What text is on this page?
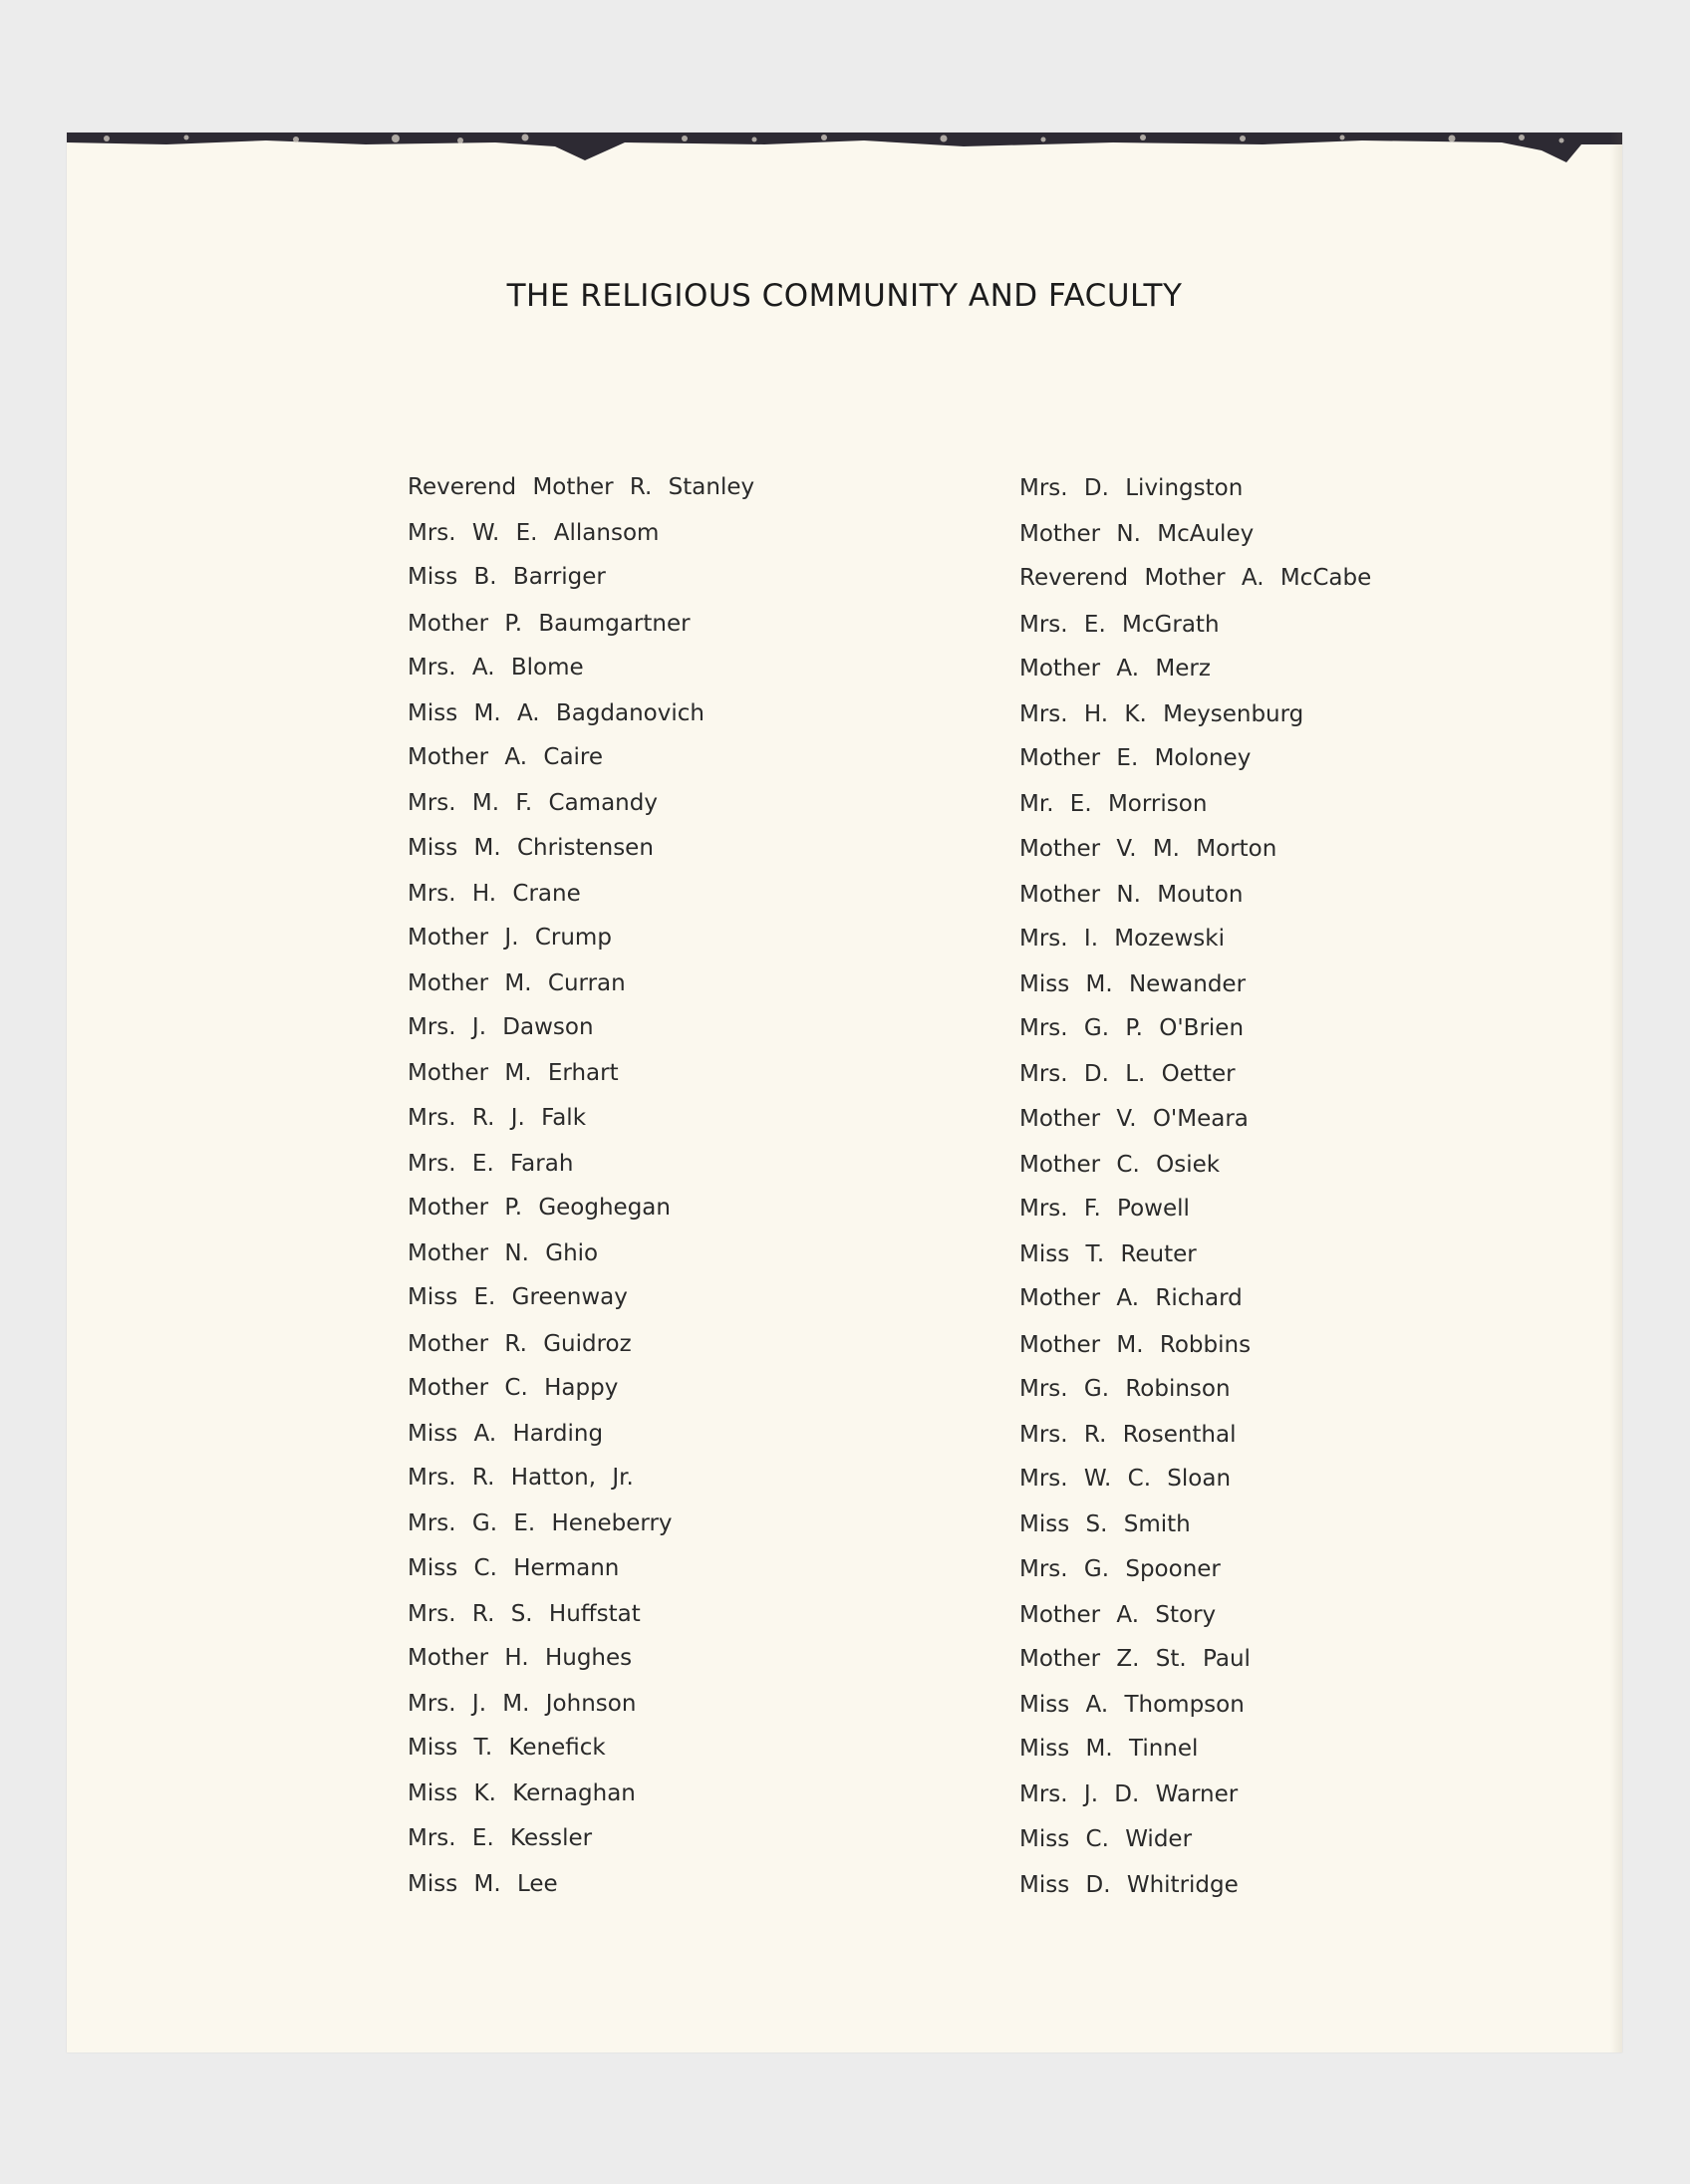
THE RELIGIOUS COMMUNITY AND FACULTY
Reverend Mother R. Stanley
Mrs. W. E. Allansom
Miss B. Barriger
Mother P. Baumgartner
Mrs. A. Blome
Miss M. A. Bagdanovich
Mother A. Caire
Mrs. M. F. Camandy
Miss M. Christensen
Mrs. H. Crane
Mother J. Crump
Mother M. Curran
Mrs. J. Dawson
Mother M. Erhart
Mrs. R. J. Falk
Mrs. E. Farah
Mother P. Geoghegan
Mother N. Ghio
Miss E. Greenway
Mother R. Guidroz
Mother C. Happy
Miss A. Harding
Mrs. R. Hatton, Jr.
Mrs. G. E. Heneberry
Miss C. Hermann
Mrs. R. S. Huffstat
Mother H. Hughes
Mrs. J. M. Johnson
Miss T. Kenefick
Miss K. Kernaghan
Mrs. E. Kessler
Miss M. Lee
Mrs. D. Livingston
Mother N. McAuley
Reverend Mother A. McCabe
Mrs. E. McGrath
Mother A. Merz
Mrs. H. K. Meysenburg
Mother E. Moloney
Mr. E. Morrison
Mother V. M. Morton
Mother N. Mouton
Mrs. I. Mozewski
Miss M. Newander
Mrs. G. P. O'Brien
Mrs. D. L. Oetter
Mother V. O'Meara
Mother C. Osiek
Mrs. F. Powell
Miss T. Reuter
Mother A. Richard
Mother M. Robbins
Mrs. G. Robinson
Mrs. R. Rosenthal
Mrs. W. C. Sloan
Miss S. Smith
Mrs. G. Spooner
Mother A. Story
Mother Z. St. Paul
Miss A. Thompson
Miss M. Tinnel
Mrs. J. D. Warner
Miss C. Wider
Miss D. Whitridge
